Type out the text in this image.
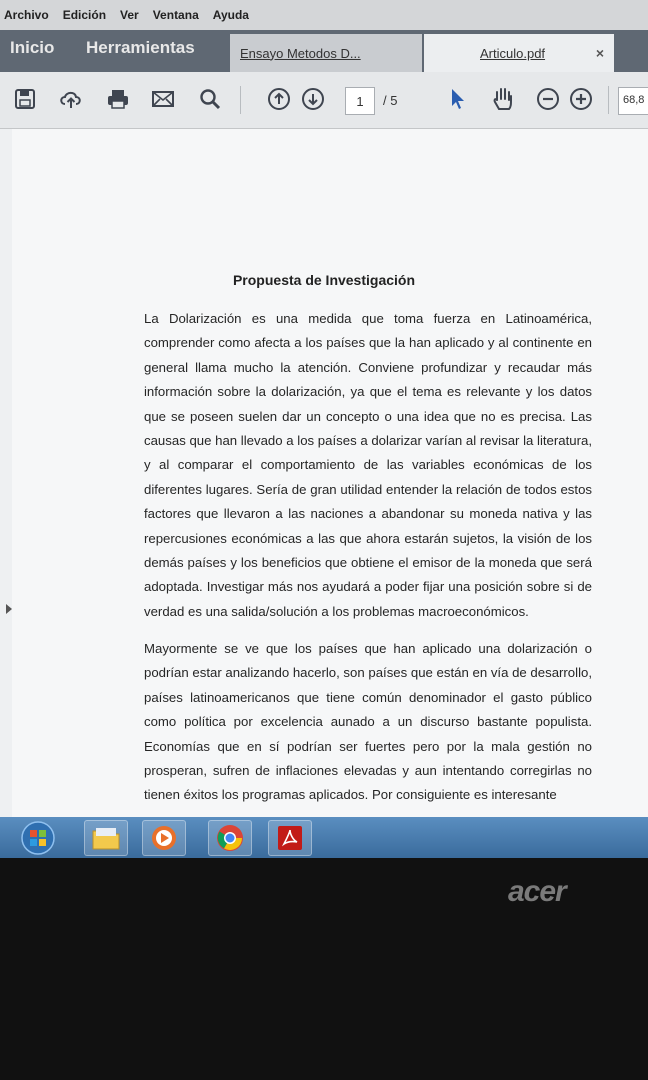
Archivo Edición Ver Ventana Ayuda
Inicio Herramientas	Ensayo Metodos D...	Articulo.pdf	×
1	/ 5	68,8
Propuesta de Investigación

La Dolarización es una medida que toma fuerza en Latinoamérica, comprender como afecta a los países que la han aplicado y al continente en general llama mucho la atención. Conviene profundizar y recaudar más información sobre la dolarización, ya que el tema es relevante y los datos que se poseen suelen dar un concepto o una idea que no es precisa. Las causas que han llevado a los países a dolarizar varían al revisar la literatura, y al comparar el comportamiento de las variables económicas de los diferentes lugares. Sería de gran utilidad entender la relación de todos estos factores que llevaron a las naciones a abandonar su moneda nativa y las repercusiones económicas a las que ahora estarán sujetos, la visión de los demás países y los beneficios que obtiene el emisor de la moneda que será adoptada. Investigar más nos ayudará a poder fijar una posición sobre si de verdad es una salida/solución a los problemas macroeconómicos.

Mayormente se ve que los países que han aplicado una dolarización o podrían estar analizando hacerlo, son países que están en vía de desarrollo, países latinoamericanos que tiene común denominador el gasto público como política por excelencia aunado a un discurso bastante populista. Economías que en sí podrían ser fuertes pero por la mala gestión no prosperan, sufren de inflaciones elevadas y aun intentando corregirlas no tienen éxitos los programas aplicados. Por consiguiente es interesante

acer
